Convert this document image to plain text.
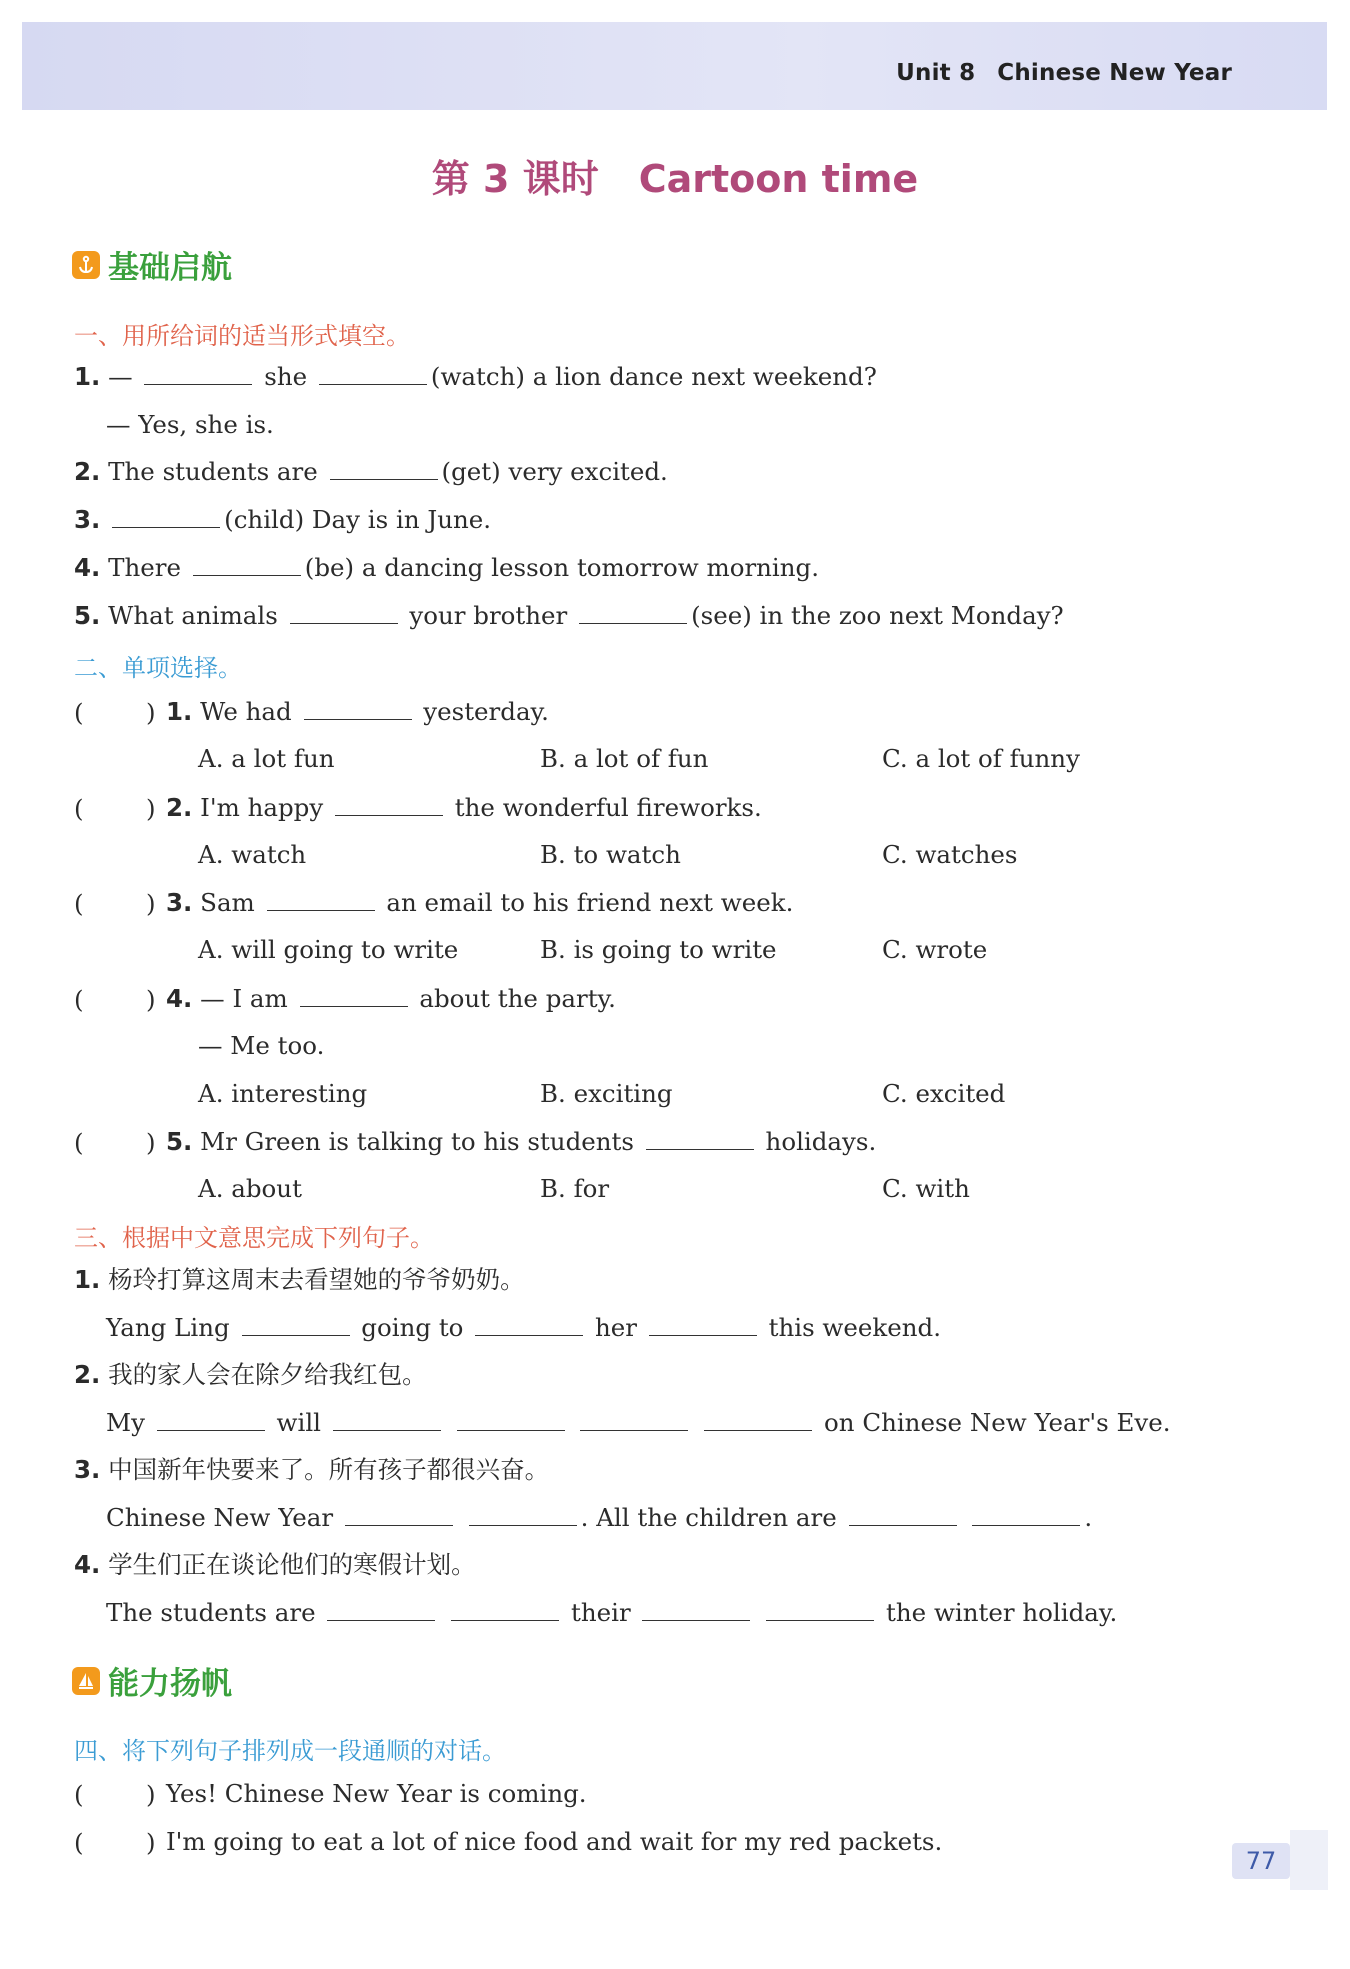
Unit 8 Chinese New Year
第 3 课时 Cartoon time
基础启航
一、用所给词的适当形式填空。
1. —	she	(watch) a lion dance next weekend?
— Yes, she is.
2. The students are	(get) very excited.
3.	(child) Day is in June.
4. There	(be) a dancing lesson tomorrow morning.
5. What animals	your brother	(see) in the zoo next Monday?
二、单项选择。
(	) 1. We had	yesterday.
A. a lot fun	B. a lot of fun	C. a lot of funny
(	) 2. I'm happy	the wonderful fireworks.
A. watch	B. to watch	C. watches
(	) 3. Sam	an email to his friend next week.
A. will going to write	B. is going to write	C. wrote
(	) 4. — I am	about the party.
— Me too.
A. interesting	B. exciting	C. excited
(	) 5. Mr Green is talking to his students	holidays.
A. about	B. for	C. with
三、根据中文意思完成下列句子。
1. 杨玲打算这周末去看望她的爷爷奶奶。
Yang Ling	going to	her	this weekend.
2. 我的家人会在除夕给我红包。
My	will	on Chinese New Year's Eve.
3. 中国新年快要来了。所有孩子都很兴奋。
Chinese New Year	. All the children are	.
4. 学生们正在谈论他们的寒假计划。
The students are	their	the winter holiday.
能力扬帆
四、将下列句子排列成一段通顺的对话。
(	) Yes! Chinese New Year is coming.
(	) I'm going to eat a lot of nice food and wait for my red packets.
77
